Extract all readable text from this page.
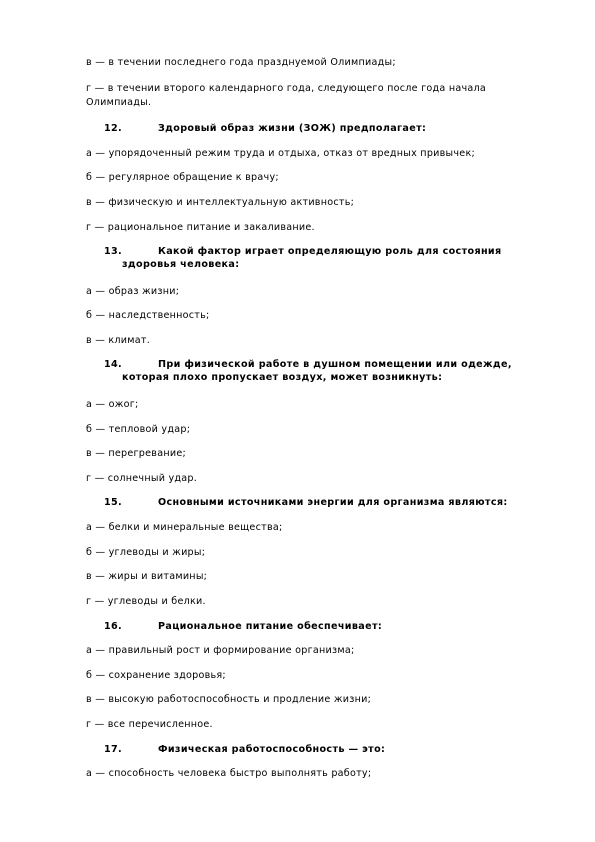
в — в течении последнего года празднуемой Олимпиады;
г — в течении второго календарного года, следующего после года начала
Олимпиады.
12.	Здоровый образ жизни (ЗОЖ) предполагает:
а — упорядоченный режим труда и отдыха, отказ от вредных привычек;
б — регулярное обращение к врачу;
в — физическую и интеллектуальную активность;
г — рациональное питание и закаливание.
13.	Какой фактор играет определяющую роль для состояния
здоровья человека:
а — образ жизни;
б — наследственность;
в — климат.
14.	При физической работе в душном помещении или одежде,
которая плохо пропускает воздух, может возникнуть:
а — ожог;
б — тепловой удар;
в — перегревание;
г — солнечный удар.
15.	Основными источниками энергии для организма являются:
а — белки и минеральные вещества;
б — углеводы и жиры;
в — жиры и витамины;
г — углеводы и белки.
16.	Рациональное питание обеспечивает:
а — правильный рост и формирование организма;
б — сохранение здоровья;
в — высокую работоспособность и продление жизни;
г — все перечисленное.
17.	Физическая работоспособность — это:
а — способность человека быстро выполнять работу;
